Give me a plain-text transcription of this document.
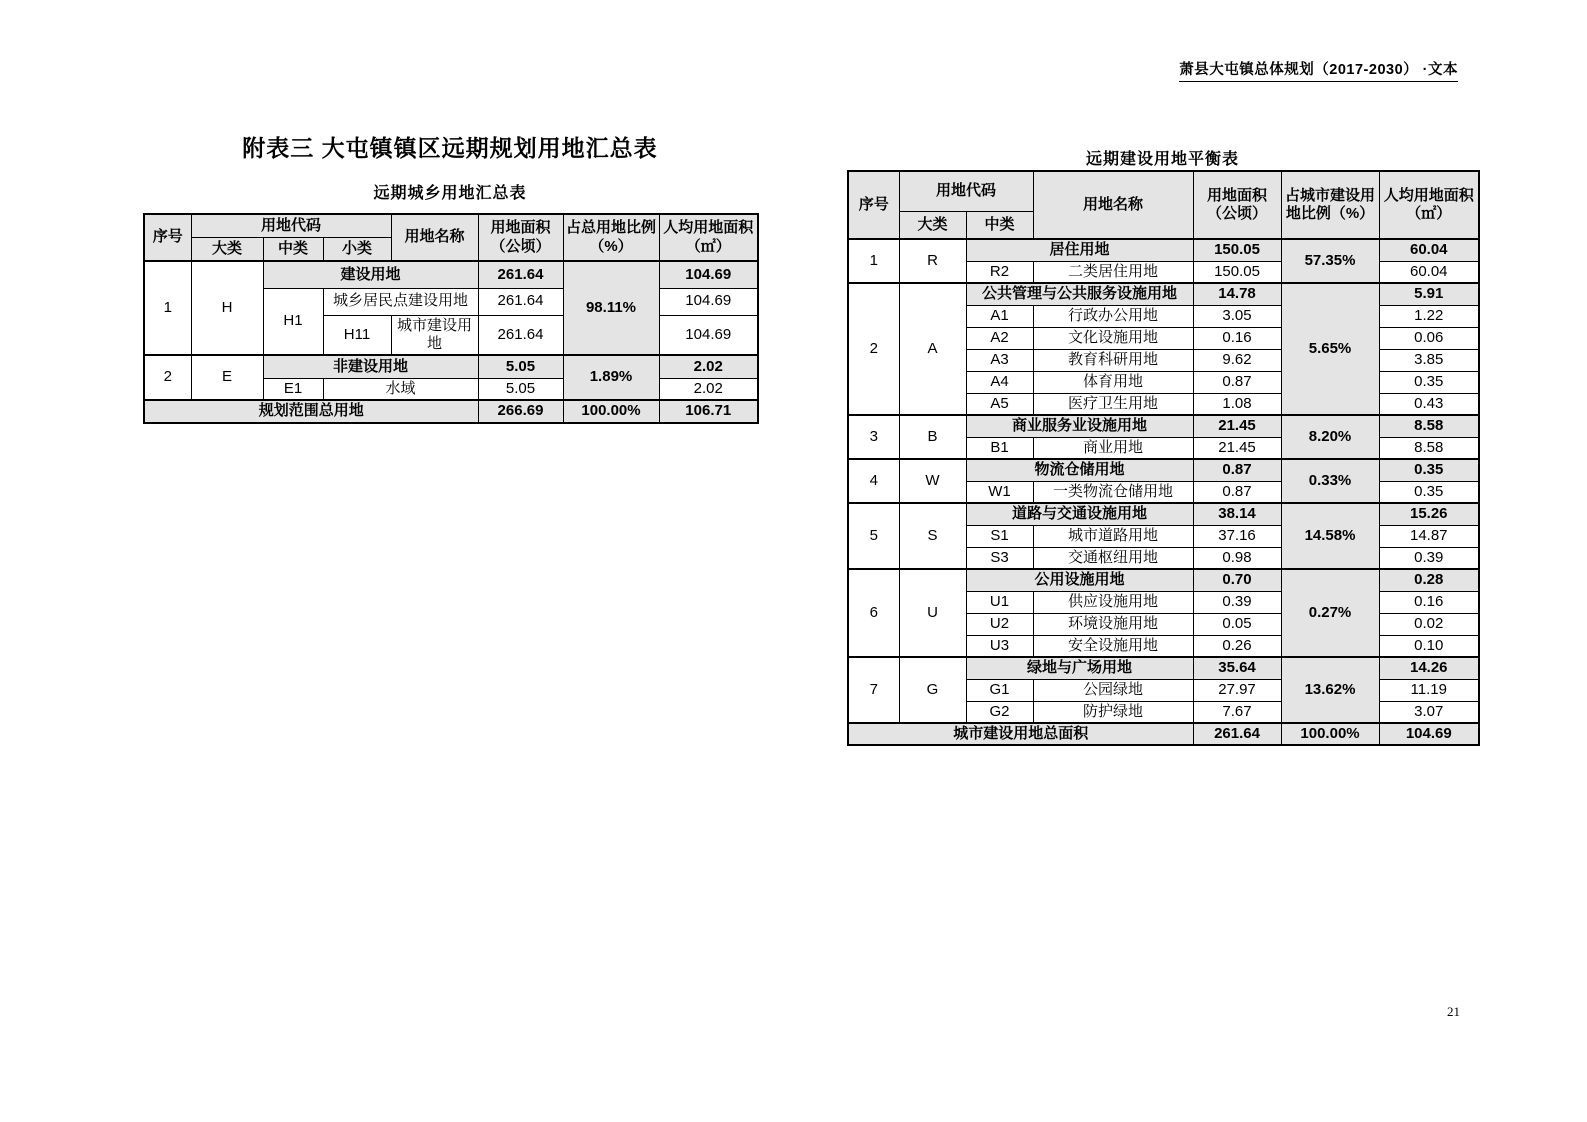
萧县大屯镇总体规划（2017-2030） ·文本
附表三 大屯镇镇区远期规划用地汇总表
远期城乡用地汇总表
远期建设用地平衡表
序号	用地代码			用地名称	用地面积（公顷）	占总用地比例（%）	人均用地面积（㎡）
	大类	中类	小类				
1	H	建设用地			261.64	98.11%	104.69
		H1	城乡居民点建设用地		261.64		104.69
			H11	城市建设用地	261.64		104.69
2	E	非建设用地			5.05	1.89%	2.02
		E1	水域		5.05		2.02
规划范围总用地					266.69	100.00%	106.71
序号	用地代码		用地名称	用地面积（公顷）	占城市建设用地比例（%）	人均用地面积（㎡）
	大类	中类				
1	R	居住用地		150.05	57.35%	60.04
		R2	二类居住用地	150.05		60.04
2	A	公共管理与公共服务设施用地		14.78	5.65%	5.91
		A1	行政办公用地	3.05		1.22
		A2	文化设施用地	0.16		0.06
		A3	教育科研用地	9.62		3.85
		A4	体育用地	0.87		0.35
		A5	医疗卫生用地	1.08		0.43
3	B	商业服务业设施用地		21.45	8.20%	8.58
		B1	商业用地	21.45		8.58
4	W	物流仓储用地		0.87	0.33%	0.35
		W1	一类物流仓储用地	0.87		0.35
5	S	道路与交通设施用地		38.14	14.58%	15.26
		S1	城市道路用地	37.16		14.87
		S3	交通枢纽用地	0.98		0.39
6	U	公用设施用地		0.70	0.27%	0.28
		U1	供应设施用地	0.39		0.16
		U2	环境设施用地	0.05		0.02
		U3	安全设施用地	0.26		0.10
7	G	绿地与广场用地		35.64	13.62%	14.26
		G1	公园绿地	27.97		11.19
		G2	防护绿地	7.67		3.07
城市建设用地总面积				261.64	100.00%	104.69
21
